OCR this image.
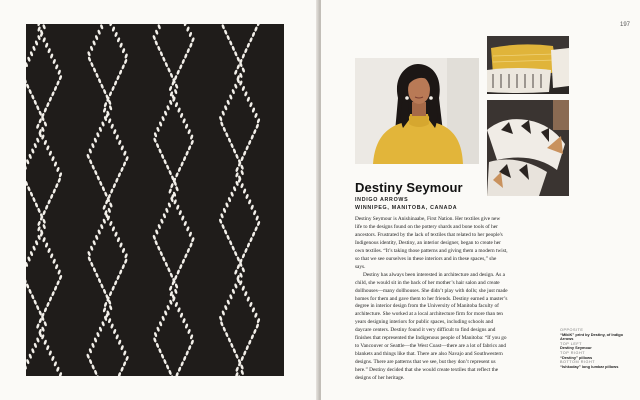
197
Destiny Seymour
INDIGO ARROWS
WINNIPEG, MANITOBA, CANADA

Destiny Seymour is Anishinaabe, First Nation. Her textiles give new life to the designs found on the pottery shards and bone tools of her ancestors. Frustrated by the lack of textiles that related to her people's Indigenous identity, Destiny, an interior designer, began to create her own textiles. “It’s taking those patterns and giving them a modern twist, so that we see ourselves in these interiors and in these spaces,” she says.

Destiny has always been interested in architecture and design. As a child, she would sit in the back of her mother’s hair salon and create dollhouses—many dollhouses. She didn’t play with dolls; she just made homes for them and gave them to her friends. Destiny earned a master’s degree in interior design from the University of Manitoba faculty of architecture. She worked at a local architecture firm for more than ten years designing interiors for public spaces, including schools and daycare centers. Destiny found it very difficult to find designs and finishes that represented the Indigenous people of Manitoba: “If you go to Vancouver or Seattle—the West Coast—there are a lot of fabrics and blankets and things like that. There are also Navajo and Southwestern designs. There are patterns that we see, but they don’t represent us here.” Destiny decided that she would create textiles that reflect the designs of her heritage.

OPPOSITE
“MikiK” print by Destiny, of Indigo Arrows
TOP LEFT
Destiny Seymour
TOP RIGHT
“Destiny” pillows
BOTTOM RIGHT
“Ishkoday” long lumbar pillows
